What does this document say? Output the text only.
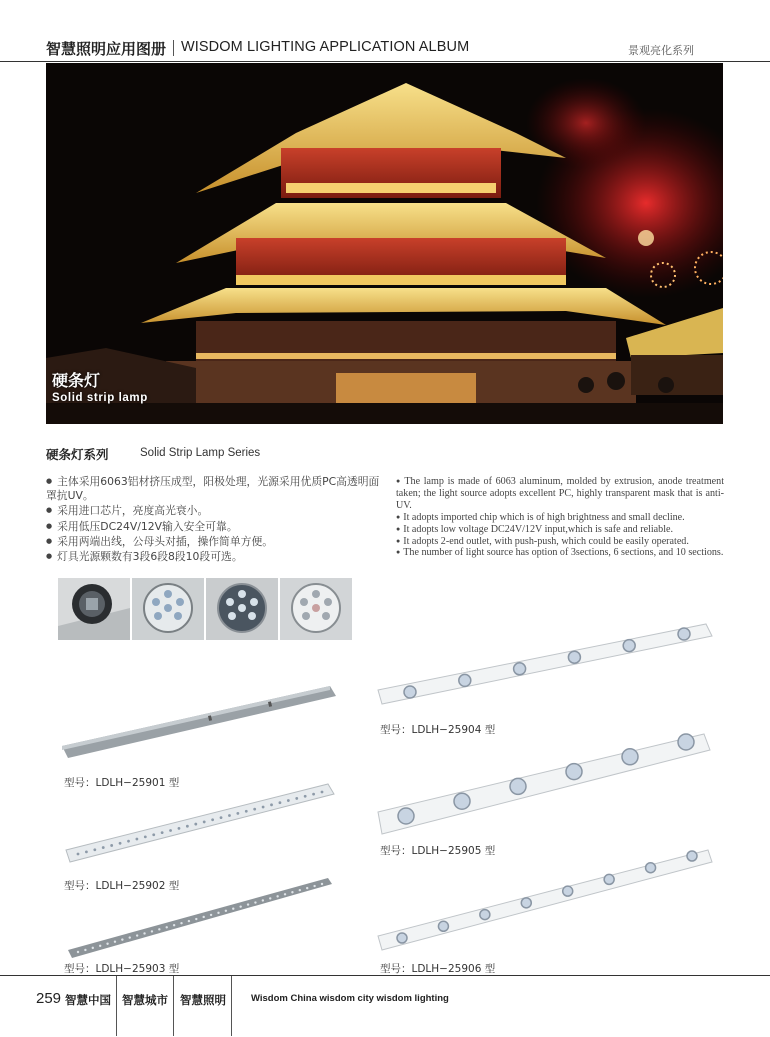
智慧照明应用图册 WISDOM LIGHTING APPLICATION ALBUM	景观亮化系列
硬条灯
Solid strip lamp
硬条灯系列	Solid Strip Lamp Series
● 主体采用6063铝材挤压成型，阳极处理，光源采用优质PC高透明面罩抗UV。
● 采用进口芯片，亮度高光衰小。
● 采用低压DC24V/12V输入安全可靠。
● 采用两端出线，公母头对插，操作简单方便。
● 灯具光源颗数有3段6段8段10段可选。
● The lamp is made of 6063 aluminum, molded by extrusion, anode treatment taken; the light source adopts excellent PC, highly transparent mask that is anti-UV.
● It adopts imported chip which is of high brightness and small decline.
● It adopts low voltage DC24V/12V input,which is safe and reliable.
● It adopts 2-end outlet, with push-push, which could be easily operated.
● The number of light source has option of 3sections, 6 sections, and 10 sections.
型号：LDLH−25901 型
型号：LDLH−25902 型
型号：LDLH−25903 型
型号：LDLH−25904 型
型号：LDLH−25905 型
型号：LDLH−25906 型
259 智慧中国 智慧城市 智慧照明	Wisdom China wisdom city wisdom lighting
